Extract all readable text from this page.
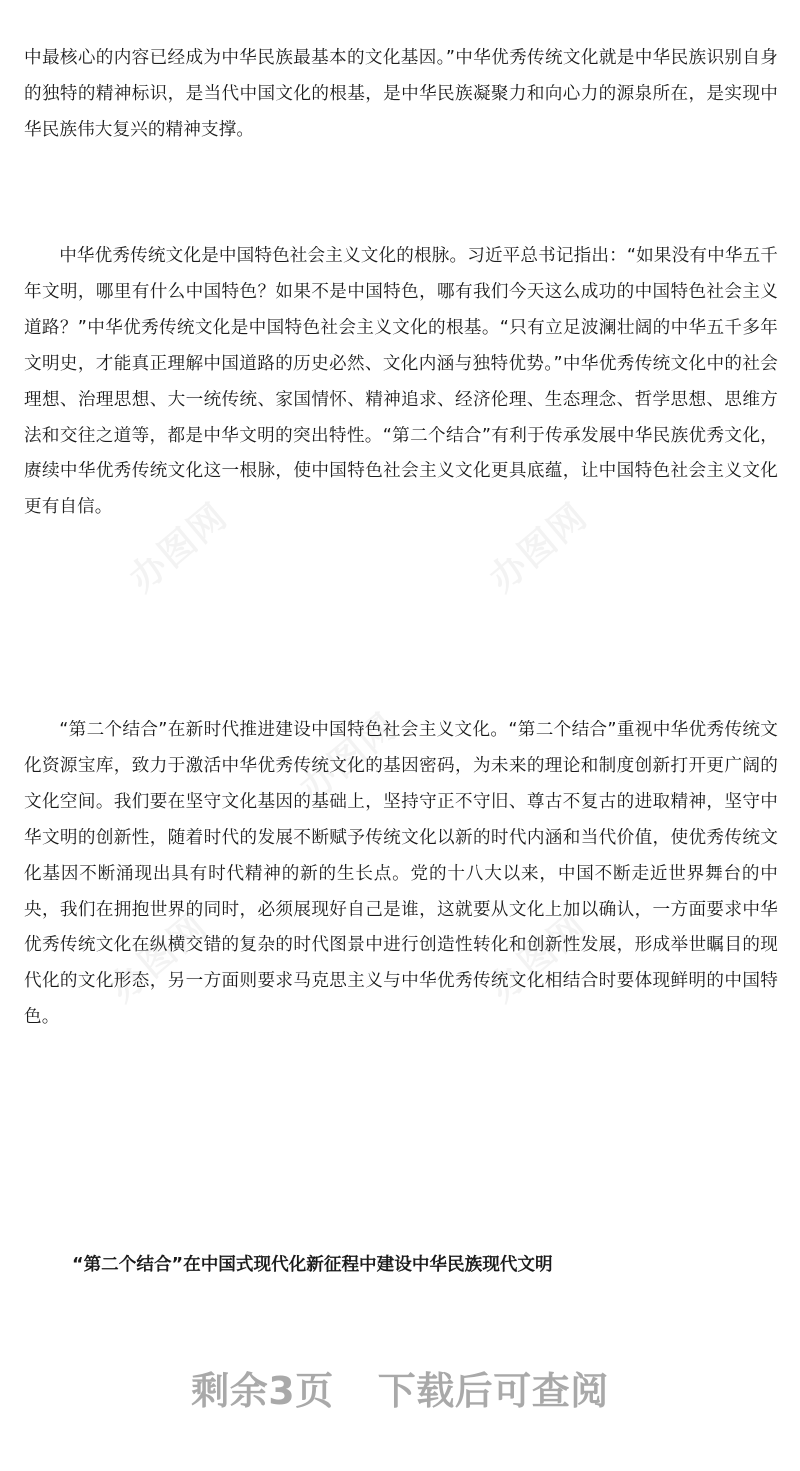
办图网	办图网
办图网
办图网	办图网

中最核心的内容已经成为中华民族最基本的文化基因。”中华优秀传统文化就是中华民族识别自身的独特的精神标识，是当代中国文化的根基，是中华民族凝聚力和向心力的源泉所在，是实现中华民族伟大复兴的精神支撑。

中华优秀传统文化是中国特色社会主义文化的根脉。习近平总书记指出：“如果没有中华五千年文明，哪里有什么中国特色？如果不是中国特色，哪有我们今天这么成功的中国特色社会主义道路？”中华优秀传统文化是中国特色社会主义文化的根基。“只有立足波澜壮阔的中华五千多年文明史，才能真正理解中国道路的历史必然、文化内涵与独特优势。”中华优秀传统文化中的社会理想、治理思想、大一统传统、家国情怀、精神追求、经济伦理、生态理念、哲学思想、思维方法和交往之道等，都是中华文明的突出特性。“第二个结合”有利于传承发展中华民族优秀文化，赓续中华优秀传统文化这一根脉，使中国特色社会主义文化更具底蕴，让中国特色社会主义文化更有自信。

“第二个结合”在新时代推进建设中国特色社会主义文化。“第二个结合”重视中华优秀传统文化资源宝库，致力于激活中华优秀传统文化的基因密码，为未来的理论和制度创新打开更广阔的文化空间。我们要在坚守文化基因的基础上，坚持守正不守旧、尊古不复古的进取精神，坚守中华文明的创新性，随着时代的发展不断赋予传统文化以新的时代内涵和当代价值，使优秀传统文化基因不断涌现出具有时代精神的新的生长点。党的十八大以来，中国不断走近世界舞台的中央，我们在拥抱世界的同时，必须展现好自己是谁，这就要从文化上加以确认，一方面要求中华优秀传统文化在纵横交错的复杂的时代图景中进行创造性转化和创新性发展，形成举世瞩目的现代化的文化形态，另一方面则要求马克思主义与中华优秀传统文化相结合时要体现鲜明的中国特色。

“第二个结合”在中国式现代化新征程中建设中华民族现代文明
剩余3页 下载后可查阅
